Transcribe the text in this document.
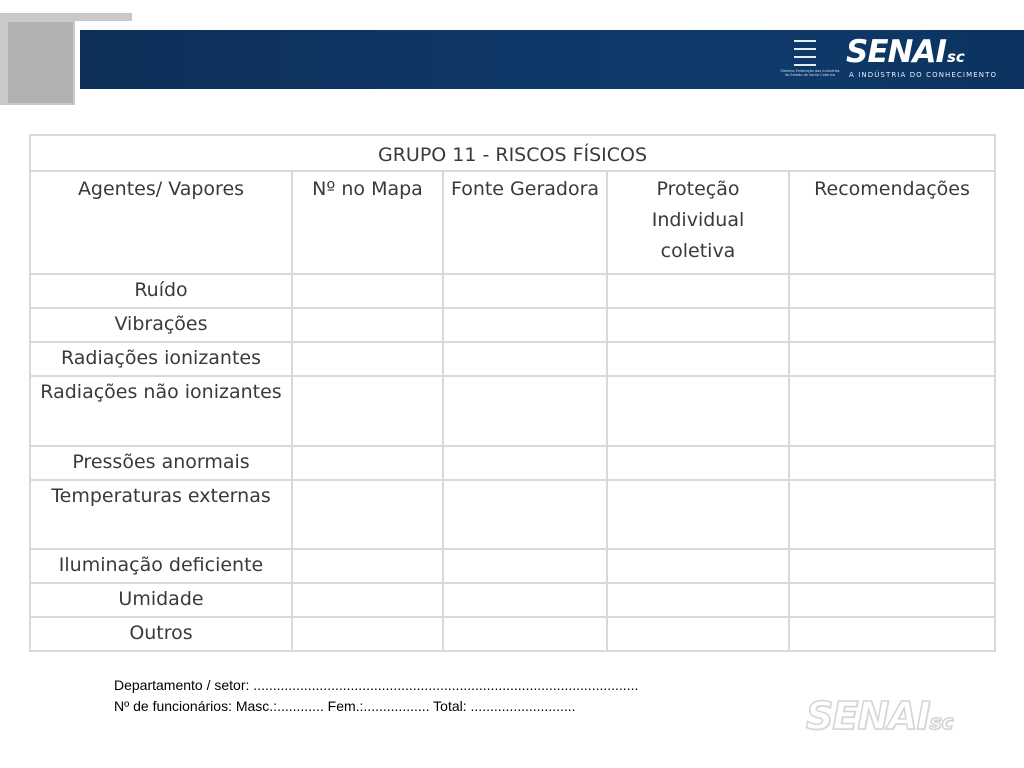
Sistema Federação das Indústrias do Estado de Santa Catarina
SENAIsc
A INDÚSTRIA DO CONHECIMENTO
GRUPO 11 - RISCOS FÍSICOS				
Agentes/ Vapores	Nº no Mapa	Fonte Geradora	Proteção Individual coletiva	Recomendações
Ruído				
Vibrações				
Radiações ionizantes				
Radiações não ionizantes				
Pressões anormais				
Temperaturas externas				
Iluminação deficiente				
Umidade				
Outros				
Departamento / setor: ...................................................................................................
Nº de funcionários: Masc.:............ Fem.:................. Total: ...........................	SENAIsc
